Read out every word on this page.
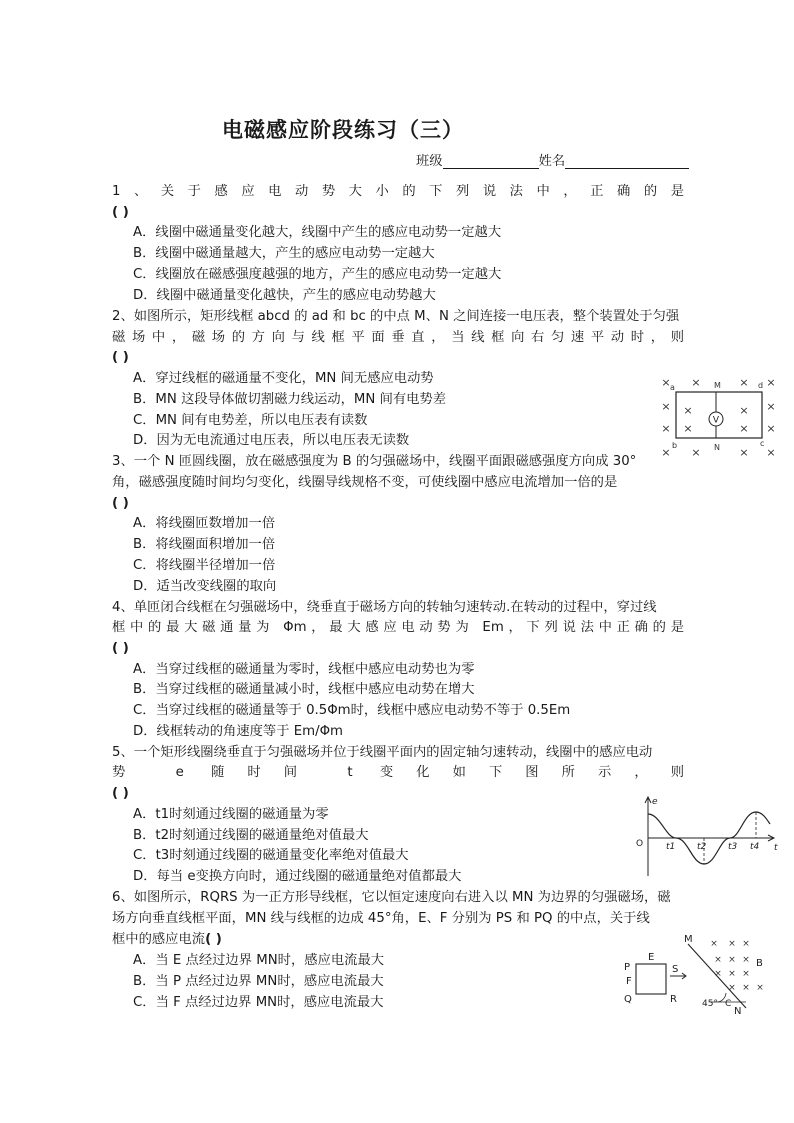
电磁感应阶段练习（三）
班级	姓名
1、关于感应电动势大小的下列说法中，正确的是
( )
A．线圈中磁通量变化越大，线圈中产生的感应电动势一定越大
B．线圈中磁通量越大，产生的感应电动势一定越大
C．线圈放在磁感强度越强的地方，产生的感应电动势一定越大
D．线圈中磁通量变化越快，产生的感应电动势越大
2、如图所示，矩形线框 abcd 的 ad 和 bc 的中点 M、N 之间连接一电压表，整个装置处于匀强
磁场中，磁场的方向与线框平面垂直，当线框向右匀速平动时，则
( )
A．穿过线框的磁通量不变化，MN 间无感应电动势
B．MN 这段导体做切割磁力线运动，MN 间有电势差
C．MN 间有电势差，所以电压表有读数
D．因为无电流通过电压表，所以电压表无读数
× ×	×
×	×
×	×
× ×	× ×
×
×	×
×	×
V
a
b	c
d
M
N
3、一个 N 匝圆线圈，放在磁感强度为 B 的匀强磁场中，线圈平面跟磁感强度方向成 30°
角，磁感强度随时间均匀变化，线圈导线规格不变，可使线圈中感应电流增加一倍的是
( )
A．将线圈匝数增加一倍
B．将线圈面积增加一倍
C．将线圈半径增加一倍
D．适当改变线圈的取向
4、单匝闭合线框在匀强磁场中，绕垂直于磁场方向的转轴匀速转动.在转动的过程中，穿过线
框中的最大磁通量为 Φm，最大感应电动势为 Em，下列说法中正确的是
( )
A．当穿过线框的磁通量为零时，线框中感应电动势也为零
B．当穿过线框的磁通量减小时，线框中感应电动势在增大
C．当穿过线框的磁通量等于 0.5Φm时，线框中感应电动势不等于 0.5Em
D．线框转动的角速度等于 Em/Φm
5、一个矩形线圈绕垂直于匀强磁场并位于线圈平面内的固定轴匀速转动，线圈中的感应电动
势 e 随时间 t 变化如下图所示，则
( )
A．t1时刻通过线圈的磁通量为零
B．t2时刻通过线圈的磁通量绝对值最大
C．t3时刻通过线圈的磁通量变化率绝对值最大
D．每当 e变换方向时，通过线圈的磁通量绝对值都最大
e
t
O	t1 t2 t3 t4
6、如图所示，RQRS 为一正方形导线框，它以恒定速度向右进入以 MN 为边界的匀强磁场，磁
场方向垂直线框平面，MN 线与线框的边成 45°角，E、F 分别为 PS 和 PQ 的中点，关于线
框中的感应电流( )
A．当 E 点经过边界 MN时，感应电流最大
B．当 P 点经过边界 MN时，感应电流最大
C．当 F 点经过边界 MN时，感应电流最大
× ×
× × ×
× × ×
× × ×
×
M
N
B
C
45°
E
F
P
Q	R
S
